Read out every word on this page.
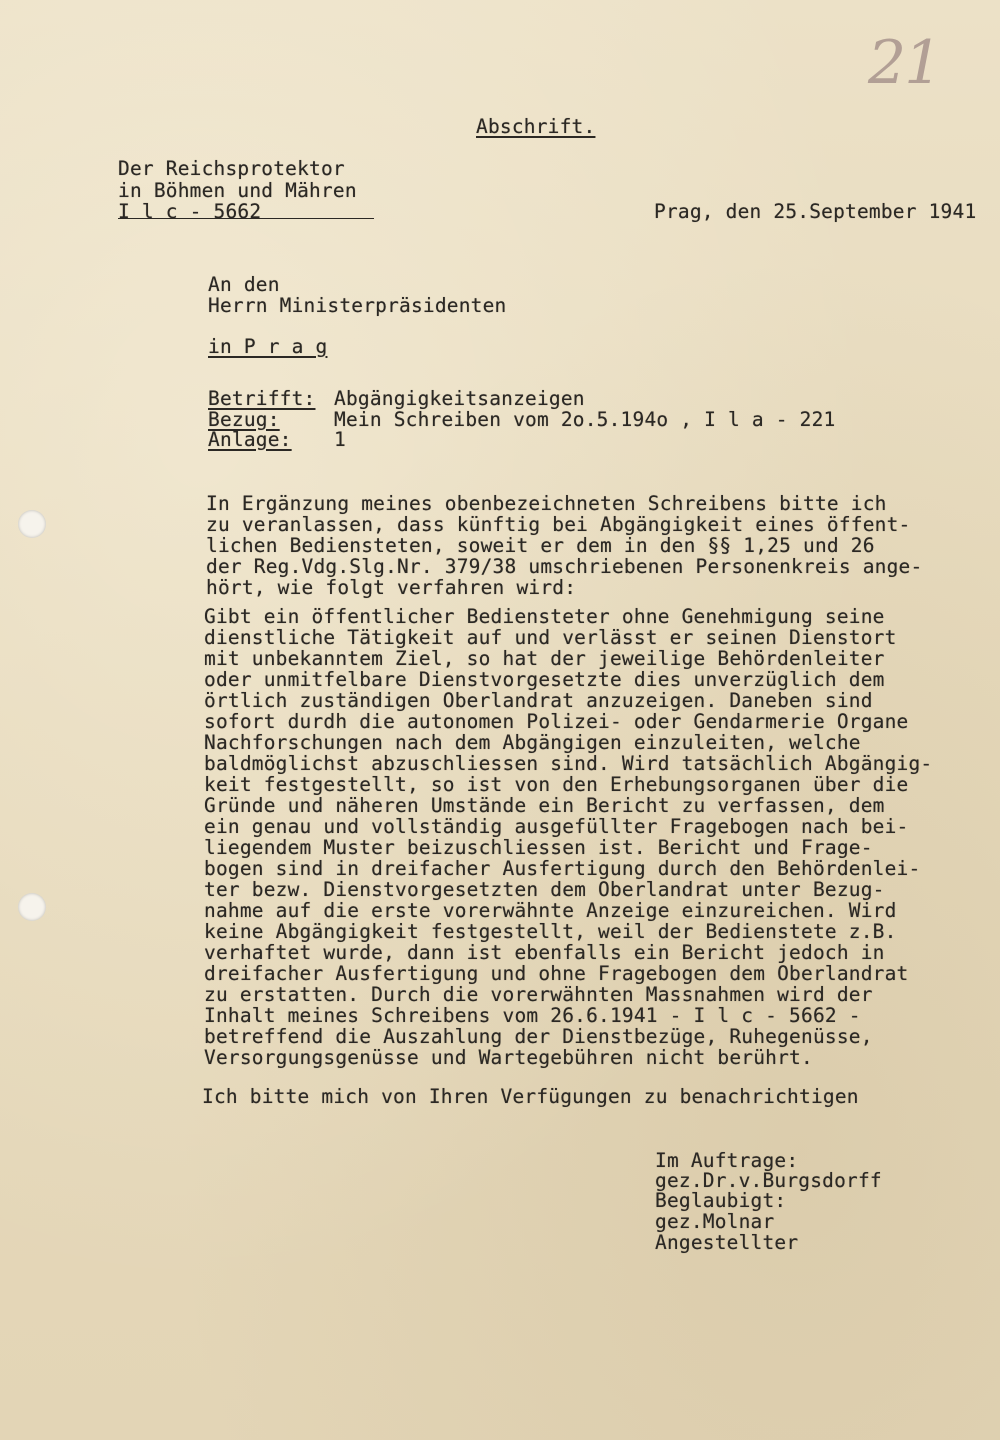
21
Abschrift.
Der Reichsprotektor
in Böhmen und Mähren
I l c - 5662	Prag, den 25.September 1941
An den
Herrn Ministerpräsidenten
in P r a g
Betrifft: Abgängigkeitsanzeigen
Bezug:	Mein Schreiben vom 2o.5.194o , I l a - 221
Anlage: 1
In Ergänzung meines obenbezeichneten Schreibens bitte ich
zu veranlassen, dass künftig bei Abgängigkeit eines öffent-
lichen Bediensteten, soweit er dem in den §§ 1,25 und 26
der Reg.Vdg.Slg.Nr. 379/38 umschriebenen Personenkreis ange-
hört, wie folgt verfahren wird:
Gibt ein öffentlicher Bediensteter ohne Genehmigung seine
dienstliche Tätigkeit auf und verlässt er seinen Dienstort
mit unbekanntem Ziel, so hat der jeweilige Behördenleiter
oder unmitfelbare Dienstvorgesetzte dies unverzüglich dem
örtlich zuständigen Oberlandrat anzuzeigen. Daneben sind
sofort durdh die autonomen Polizei- oder Gendarmerie Organe
Nachforschungen nach dem Abgängigen einzuleiten, welche
baldmöglichst abzuschliessen sind. Wird tatsächlich Abgängig-
keit festgestellt, so ist von den Erhebungsorganen über die
Gründe und näheren Umstände ein Bericht zu verfassen, dem
ein genau und vollständig ausgefüllter Fragebogen nach bei-
liegendem Muster beizuschliessen ist. Bericht und Frage-
bogen sind in dreifacher Ausfertigung durch den Behördenlei-
ter bezw. Dienstvorgesetzten dem Oberlandrat unter Bezug-
nahme auf die erste vorerwähnte Anzeige einzureichen. Wird
keine Abgängigkeit festgestellt, weil der Bedienstete z.B.
verhaftet wurde, dann ist ebenfalls ein Bericht jedoch in
dreifacher Ausfertigung und ohne Fragebogen dem Oberlandrat
zu erstatten. Durch die vorerwähnten Massnahmen wird der
Inhalt meines Schreibens vom 26.6.1941 - I l c - 5662 -
betreffend die Auszahlung der Dienstbezüge, Ruhegenüsse,
Versorgungsgenüsse und Wartegebühren nicht berührt.
Ich bitte mich von Ihren Verfügungen zu benachrichtigen
Im Auftrage:
gez.Dr.v.Burgsdorff
Beglaubigt:
gez.Molnar
Angestellter
